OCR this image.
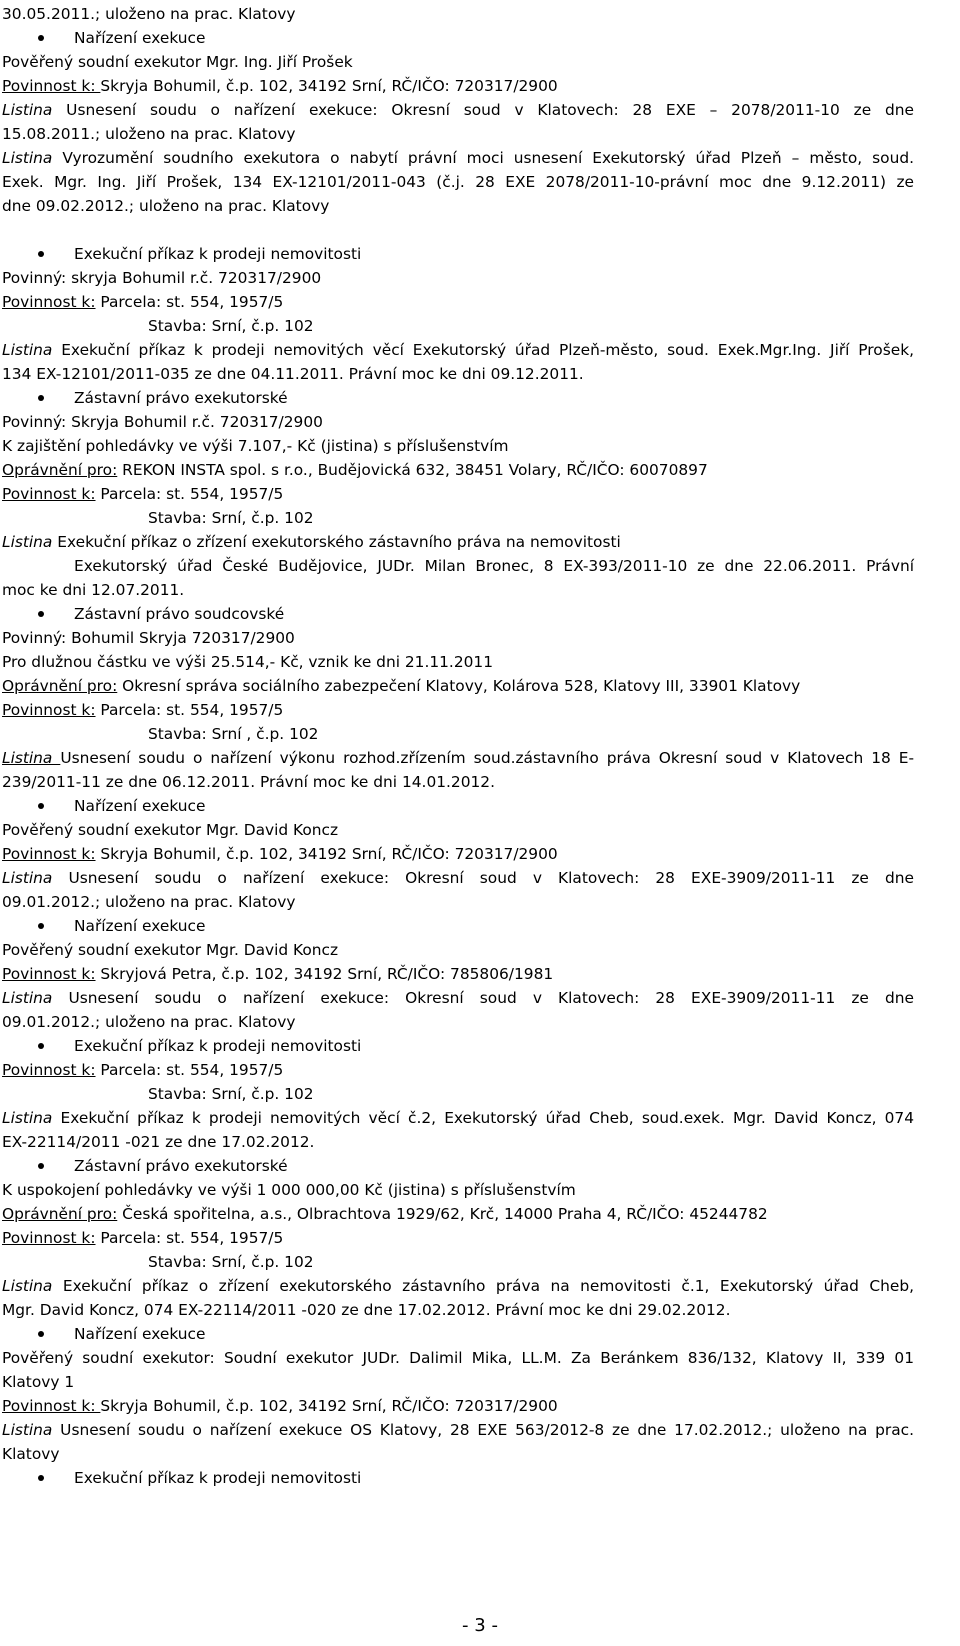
30.05.2011.; uloženo na prac. Klatovy
Nařízení exekuce
Pověřený soudní exekutor Mgr. Ing. Jiří Prošek
Povinnost k: Skryja Bohumil, č.p. 102, 34192 Srní, RČ/IČO: 720317/2900
Listina Usnesení soudu o nařízení exekuce: Okresní soud v Klatovech: 28 EXE – 2078/2011-10 ze dne
15.08.2011.; uloženo na prac. Klatovy
Listina Vyrozumění soudního exekutora o nabytí právní moci usnesení Exekutorský úřad Plzeň – město, soud.
Exek. Mgr. Ing. Jiří Prošek, 134 EX-12101/2011-043 (č.j. 28 EXE 2078/2011-10-právní moc dne 9.12.2011) ze
dne 09.02.2012.; uloženo na prac. Klatovy
Exekuční příkaz k prodeji nemovitosti
Povinný: skryja Bohumil r.č. 720317/2900
Povinnost k: Parcela: st. 554, 1957/5
Stavba: Srní, č.p. 102
Listina Exekuční příkaz k prodeji nemovitých věcí Exekutorský úřad Plzeň-město, soud. Exek.Mgr.Ing. Jiří Prošek,
134 EX-12101/2011-035 ze dne 04.11.2011. Právní moc ke dni 09.12.2011.
Zástavní právo exekutorské
Povinný: Skryja Bohumil r.č. 720317/2900
K zajištění pohledávky ve výši 7.107,- Kč (jistina) s příslušenstvím
Oprávnění pro: REKON INSTA spol. s r.o., Budějovická 632, 38451 Volary, RČ/IČO: 60070897
Povinnost k: Parcela: st. 554, 1957/5
Stavba: Srní, č.p. 102
Listina Exekuční příkaz o zřízení exekutorského zástavního práva na nemovitosti
Exekutorský úřad České Budějovice, JUDr. Milan Bronec, 8 EX-393/2011-10 ze dne 22.06.2011. Právní
moc ke dni 12.07.2011.
Zástavní právo soudcovské
Povinný: Bohumil Skryja 720317/2900
Pro dlužnou částku ve výši 25.514,- Kč, vznik ke dni 21.11.2011
Oprávnění pro: Okresní správa sociálního zabezpečení Klatovy, Kolárova 528, Klatovy III, 33901 Klatovy
Povinnost k: Parcela: st. 554, 1957/5
Stavba: Srní , č.p. 102
Listina Usnesení soudu o nařízení výkonu rozhod.zřízením soud.zástavního práva Okresní soud v Klatovech 18 E-
239/2011-11 ze dne 06.12.2011. Právní moc ke dni 14.01.2012.
Nařízení exekuce
Pověřený soudní exekutor Mgr. David Koncz
Povinnost k: Skryja Bohumil, č.p. 102, 34192 Srní, RČ/IČO: 720317/2900
Listina Usnesení soudu o nařízení exekuce: Okresní soud v Klatovech: 28 EXE-3909/2011-11 ze dne
09.01.2012.; uloženo na prac. Klatovy
Nařízení exekuce
Pověřený soudní exekutor Mgr. David Koncz
Povinnost k: Skryjová Petra, č.p. 102, 34192 Srní, RČ/IČO: 785806/1981
Listina Usnesení soudu o nařízení exekuce: Okresní soud v Klatovech: 28 EXE-3909/2011-11 ze dne
09.01.2012.; uloženo na prac. Klatovy
Exekuční příkaz k prodeji nemovitosti
Povinnost k: Parcela: st. 554, 1957/5
Stavba: Srní, č.p. 102
Listina Exekuční příkaz k prodeji nemovitých věcí č.2, Exekutorský úřad Cheb, soud.exek. Mgr. David Koncz, 074
EX-22114/2011 -021 ze dne 17.02.2012.
Zástavní právo exekutorské
K uspokojení pohledávky ve výši 1 000 000,00 Kč (jistina) s příslušenstvím
Oprávnění pro: Česká spořitelna, a.s., Olbrachtova 1929/62, Krč, 14000 Praha 4, RČ/IČO: 45244782
Povinnost k: Parcela: st. 554, 1957/5
Stavba: Srní, č.p. 102
Listina Exekuční příkaz o zřízení exekutorského zástavního práva na nemovitosti č.1, Exekutorský úřad Cheb,
Mgr. David Koncz, 074 EX-22114/2011 -020 ze dne 17.02.2012. Právní moc ke dni 29.02.2012.
Nařízení exekuce
Pověřený soudní exekutor: Soudní exekutor JUDr. Dalimil Mika, LL.M. Za Beránkem 836/132, Klatovy II, 339 01
Klatovy 1
Povinnost k: Skryja Bohumil, č.p. 102, 34192 Srní, RČ/IČO: 720317/2900
Listina Usnesení soudu o nařízení exekuce OS Klatovy, 28 EXE 563/2012-8 ze dne 17.02.2012.; uloženo na prac.
Klatovy
Exekuční příkaz k prodeji nemovitosti
- 3 -
